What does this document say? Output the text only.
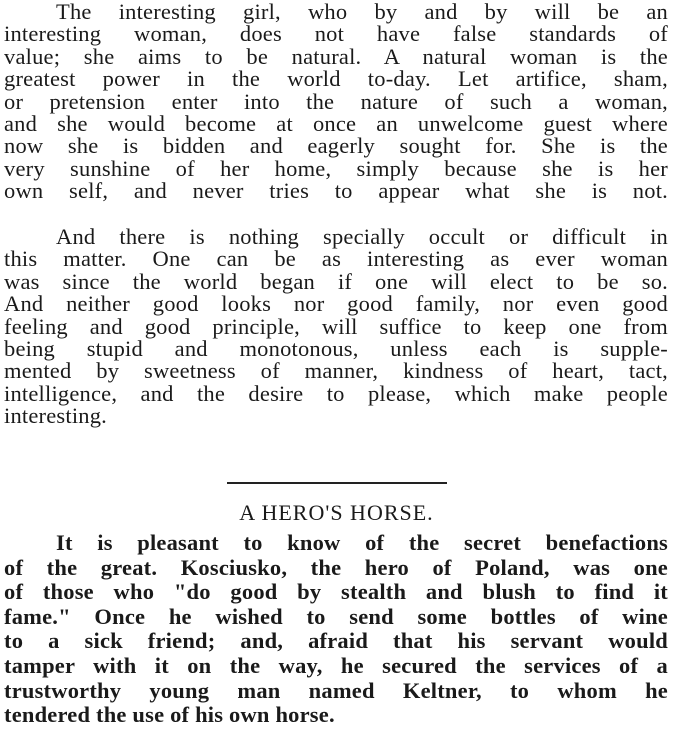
The interesting girl, who by and by will be an
interesting woman, does not have false standards of
value; she aims to be natural. A natural woman is the
greatest power in the world to-day. Let artifice, sham,
or pretension enter into the nature of such a woman,
and she would become at once an unwelcome guest where
now she is bidden and eagerly sought for. She is the
very sunshine of her home, simply because she is her
own self, and never tries to appear what she is not.
And there is nothing specially occult or difficult in
this matter. One can be as interesting as ever woman
was since the world began if one will elect to be so.
And neither good looks nor good family, nor even good
feeling and good principle, will suffice to keep one from
being stupid and monotonous, unless each is supple-
mented by sweetness of manner, kindness of heart, tact,
intelligence, and the desire to please, which make people
interesting.
A HERO'S HORSE.
It is pleasant to know of the secret benefactions
of the great. Kosciusko, the hero of Poland, was one
of those who "do good by stealth and blush to find it
fame." Once he wished to send some bottles of wine
to a sick friend; and, afraid that his servant would
tamper with it on the way, he secured the services of a
trustworthy young man named Keltner, to whom he
tendered the use of his own horse.
